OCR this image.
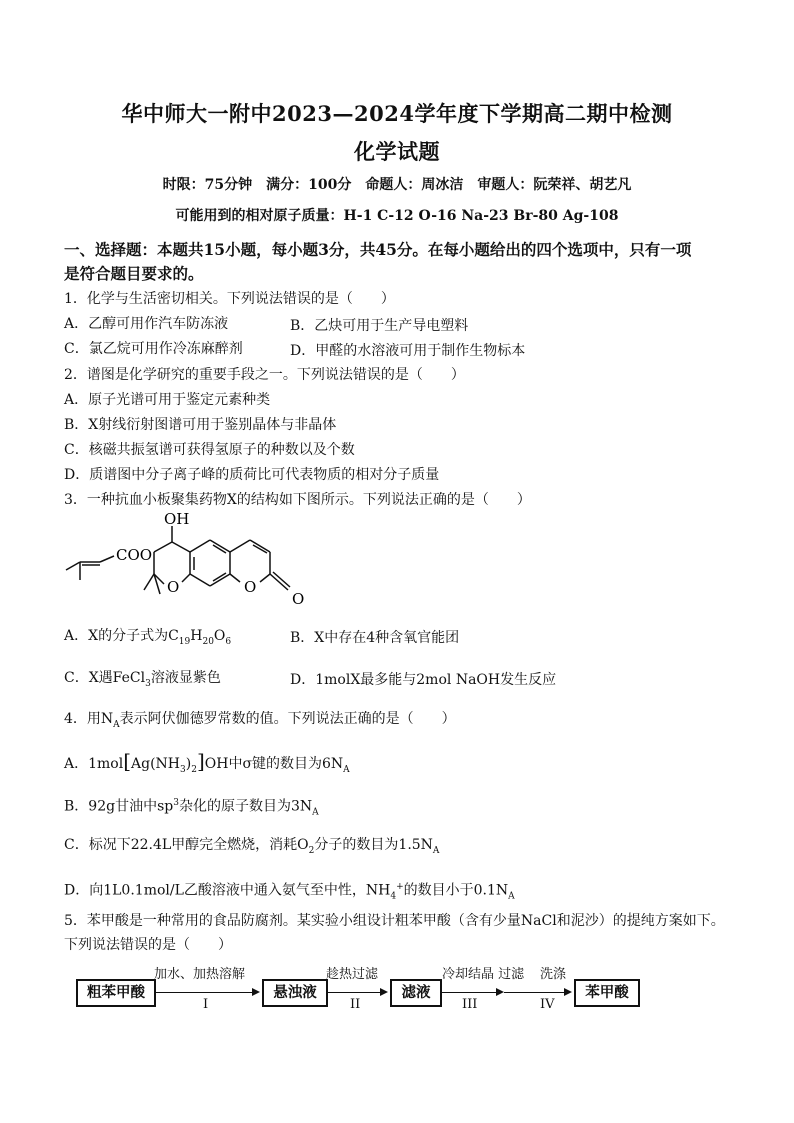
华中师大一附中2023—2024学年度下学期高二期中检测
化学试题
时限：75分钟　满分：100分　命题人：周冰洁　审题人：阮荣祥、胡艺凡
可能用到的相对原子质量：H-1 C-12 O-16 Na-23 Br-80 Ag-108
一、选择题：本题共15小题，每小题3分，共45分。在每小题给出的四个选项中，只有一项
是符合题目要求的。
1．化学与生活密切相关。下列说法错误的是（　　）
A．乙醇可用作汽车防冻液	B．乙炔可用于生产导电塑料
C．氯乙烷可用作冷冻麻醉剂	D．甲醛的水溶液可用于制作生物标本
2．谱图是化学研究的重要手段之一。下列说法错误的是（　　）
A．原子光谱可用于鉴定元素种类
B．X射线衍射图谱可用于鉴别晶体与非晶体
C．核磁共振氢谱可获得氢原子的种数以及个数
D．质谱图中分子离子峰的质荷比可代表物质的相对分子质量
3．一种抗血小板聚集药物X的结构如下图所示。下列说法正确的是（　　）
OH
COO
O	O
O
A．X的分子式为$C_{19}H_{20}O_6$	B．X中存在4种含氧官能团
C．X遇FeCl$_3$溶液显紫色	D．1molX最多能与2mol NaOH发生反应
4．用$N_A$表示阿伏伽德罗常数的值。下列说法正确的是（　　）
A．$1mol[Ag(NH_3)_2]OH$中σ键的数目为$6N_A$
B．92g甘油中$sp^3$杂化的原子数目为$3N_A$
C．标况下22.4L甲醇完全燃烧，消耗$O_2$分子的数目为$1.5N_A$
D．向1L0.1mol/L乙酸溶液中通入氨气至中性，$NH_4^+$的数目小于$0.1N_A$
5．苯甲酸是一种常用的食品防腐剂。某实验小组设计粗苯甲酸（含有少量NaCl和泥沙）的提纯方案如下。
下列说法错误的是（　　）
粗苯甲酸
加水、加热溶解
I
悬浊液
趁热过滤
II
滤液
冷却结晶 过滤
III
洗涤
IV
苯甲酸
